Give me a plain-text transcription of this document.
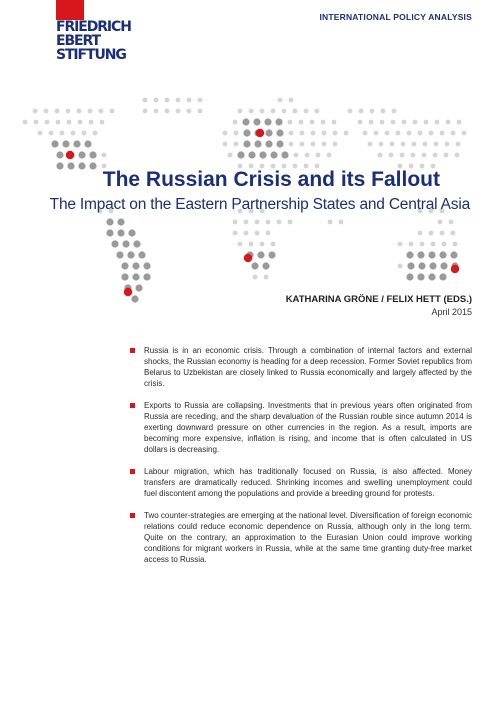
FRIEDRICH
EBERT
STIFTUNG
INTERNATIONAL POLICY ANALYSIS
The Russian Crisis and its Fallout
The Impact on the Eastern Partnership States and Central Asia
KATHARINA GRÖNE / FELIX HETT (EDS.)
April 2015
Russia is in an economic crisis. Through a combination of internal factors and external shocks, the Russian economy is heading for a deep recession. Former Soviet republics from Belarus to Uzbekistan are closely linked to Russia economically and largely affected by the crisis.
Exports to Russia are collapsing. Investments that in previous years often originated from Russia are receding, and the sharp devaluation of the Russian rouble since autumn 2014 is exerting downward pressure on other currencies in the region. As a result, imports are becoming more expensive, inflation is rising, and income that is often calculated in US dollars is decreasing.
Labour migration, which has traditionally focused on Russia, is also affected. Money transfers are dramatically reduced. Shrinking incomes and swelling unemployment could fuel discontent among the populations and provide a breeding ground for protests.
Two counter-strategies are emerging at the national level. Diversification of foreign economic relations could reduce economic dependence on Russia, although only in the long term. Quite on the contrary, an approximation to the Eurasian Union could improve working conditions for migrant workers in Russia, while at the same time granting duty-free market access to Russia.
